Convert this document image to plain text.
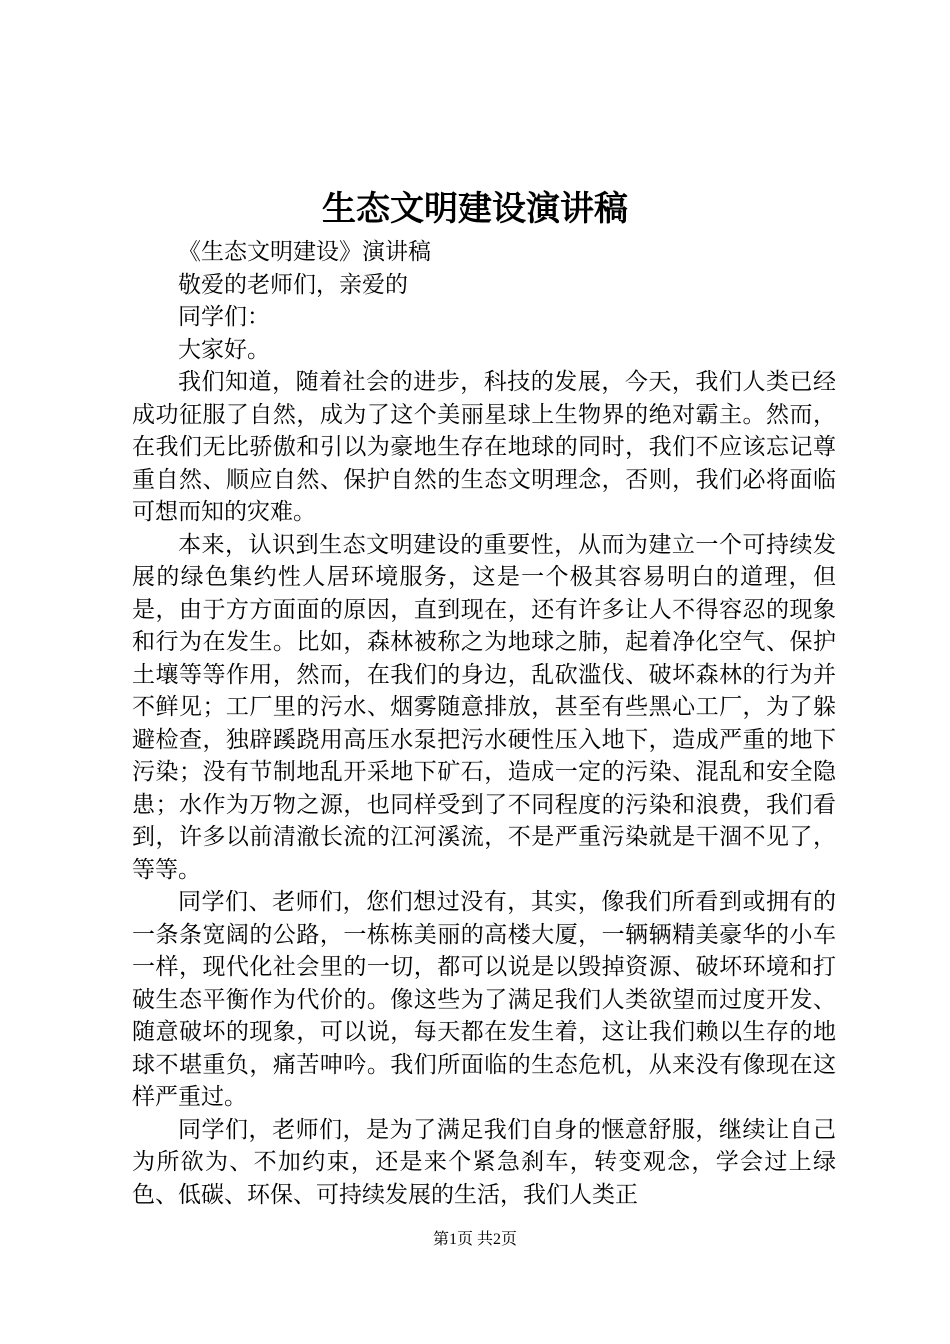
生态文明建设演讲稿

《生态文明建设》演讲稿

敬爱的老师们，亲爱的

同学们：

大家好。

我们知道，随着社会的进步，科技的发展，今天，我们人类已经成功征服了自然，成为了这个美丽星球上生物界的绝对霸主。然而，在我们无比骄傲和引以为豪地生存在地球的同时，我们不应该忘记尊重自然、顺应自然、保护自然的生态文明理念，否则，我们必将面临可想而知的灾难。

本来，认识到生态文明建设的重要性，从而为建立一个可持续发展的绿色集约性人居环境服务，这是一个极其容易明白的道理，但是，由于方方面面的原因，直到现在，还有许多让人不得容忍的现象和行为在发生。比如，森林被称之为地球之肺，起着净化空气、保护土壤等等作用，然而，在我们的身边，乱砍滥伐、破坏森林的行为并不鲜见；工厂里的污水、烟雾随意排放，甚至有些黑心工厂，为了躲避检查，独辟蹊跷用高压水泵把污水硬性压入地下，造成严重的地下污染；没有节制地乱开采地下矿石，造成一定的污染、混乱和安全隐患；水作为万物之源，也同样受到了不同程度的污染和浪费，我们看到，许多以前清澈长流的江河溪流，不是严重污染就是干涸不见了，等等。

同学们、老师们，您们想过没有，其实，像我们所看到或拥有的一条条宽阔的公路，一栋栋美丽的高楼大厦，一辆辆精美豪华的小车一样，现代化社会里的一切，都可以说是以毁掉资源、破坏环境和打破生态平衡作为代价的。像这些为了满足我们人类欲望而过度开发、随意破坏的现象，可以说，每天都在发生着，这让我们赖以生存的地球不堪重负，痛苦呻吟。我们所面临的生态危机，从来没有像现在这样严重过。

同学们，老师们，是为了满足我们自身的惬意舒服，继续让自己为所欲为、不加约束，还是来个紧急刹车，转变观念，学会过上绿色、低碳、环保、可持续发展的生活，我们人类正

第1页 共2页
